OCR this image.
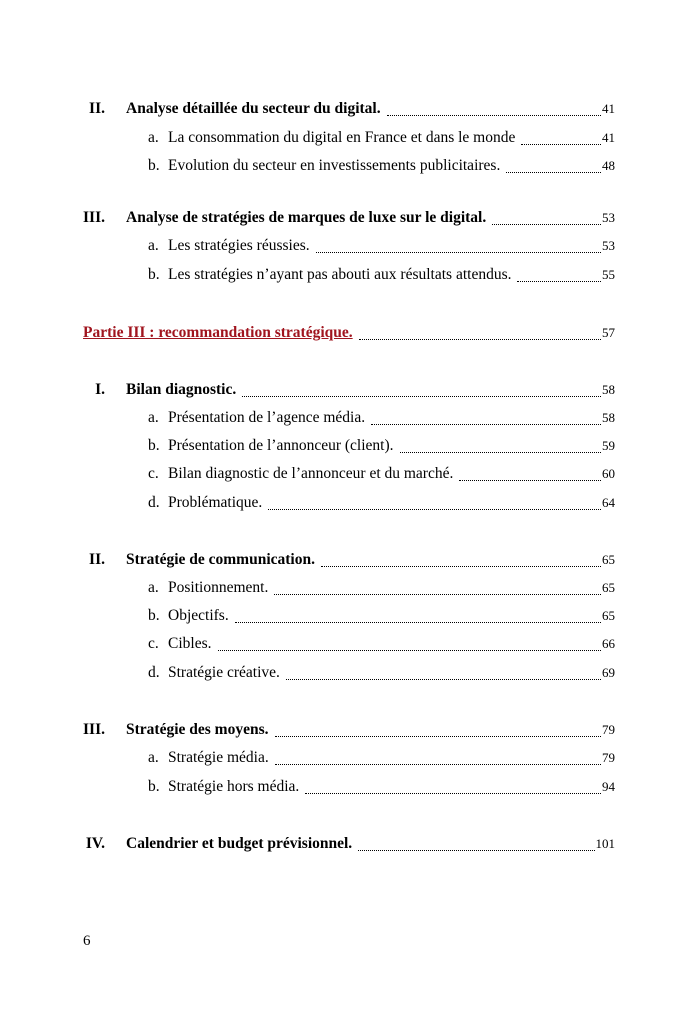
II. Analyse détaillée du secteur du digital.	41
a. La consommation du digital en France et dans le monde	41
b. Evolution du secteur en investissements publicitaires.	48
III. Analyse de stratégies de marques de luxe sur le digital.	53
a. Les stratégies réussies.	53
b. Les stratégies n’ayant pas abouti aux résultats attendus.	55
Partie III : recommandation stratégique.	57
I. Bilan diagnostic.	58
a. Présentation de l’agence média.	58
b. Présentation de l’annonceur (client).	59
c. Bilan diagnostic de l’annonceur et du marché.	60
d. Problématique.	64
II. Stratégie de communication.	65
a. Positionnement.	65
b. Objectifs.	65
c. Cibles.	66
d. Stratégie créative.	69
III. Stratégie des moyens.	79
a. Stratégie média.	79
b. Stratégie hors média.	94
IV. Calendrier et budget prévisionnel.	101
6
